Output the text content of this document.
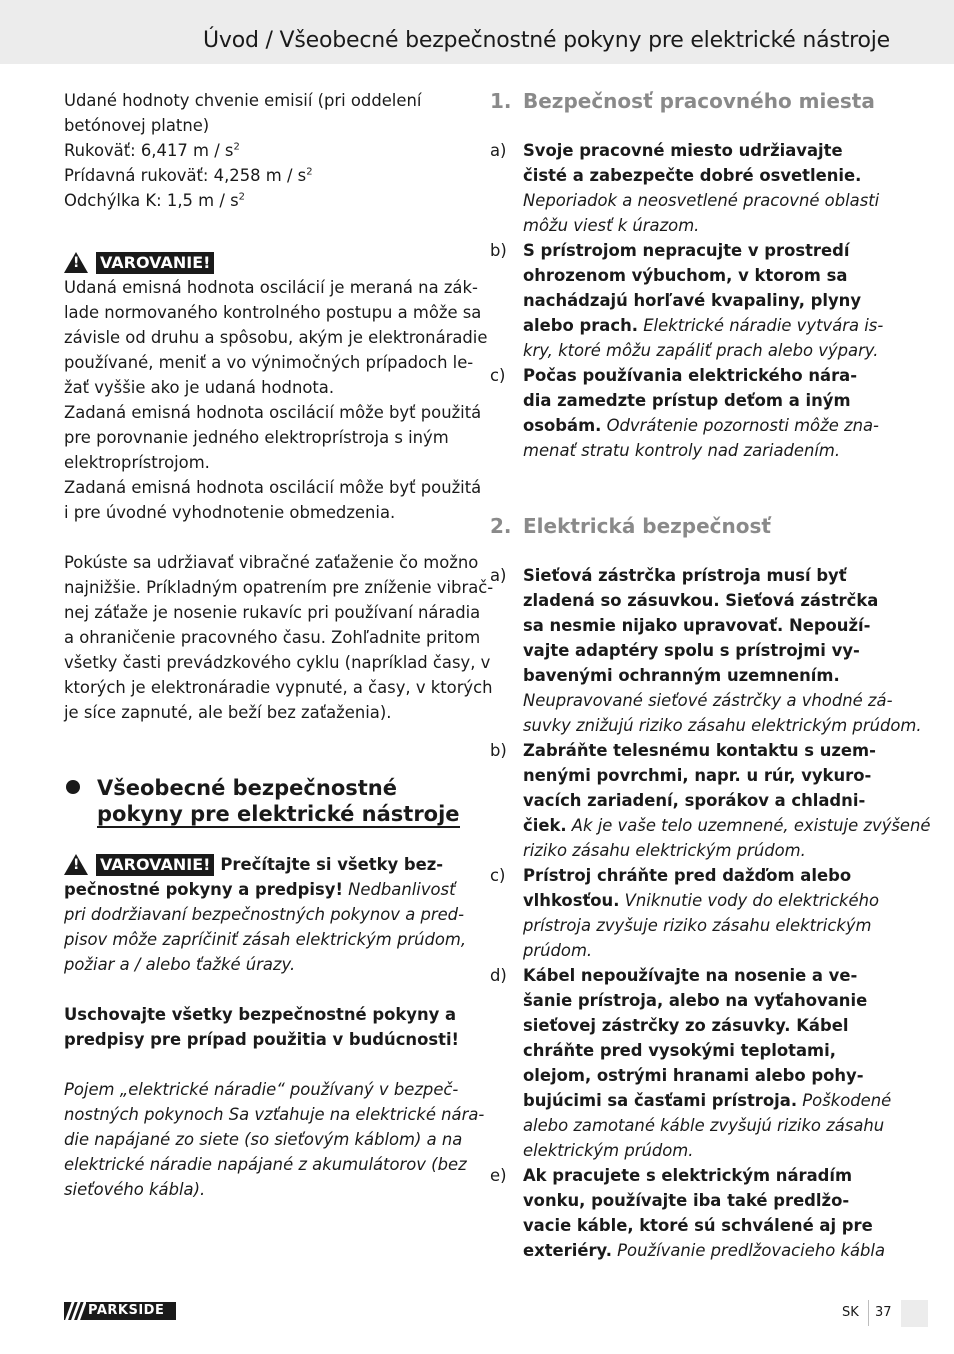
Úvod / Všeobecné bezpečnostné pokyny pre elektrické nástroje

Udané hodnoty chvenie emisií (pri oddelení

betónovej platne)

Rukoväť: 6,417 m / $s^2$

Prídavná rukoväť: 4,258 m / $s^2$

Odchýlka K: 1,5 m / $s^2$

! VAROVANIE!

Udaná emisná hodnota oscilácií je meraná na zák-

lade normovaného kontrolného postupu a môže sa

závisle od druhu a spôsobu, akým je elektronáradie

používané, meniť a vo výnimočných prípadoch le-

žať vyššie ako je udaná hodnota.

Zadaná emisná hodnota oscilácií môže byť použitá

pre porovnanie jedného elektroprístroja s iným

elektroprístrojom.

Zadaná emisná hodnota oscilácií môže byť použitá

i pre úvodné vyhodnotenie obmedzenia.

Pokúste sa udržiavať vibračné zaťaženie čo možno

najnižšie. Príkladným opatrením pre zníženie vibrač-

nej záťaže je nosenie rukavíc pri používaní náradia

a ohraničenie pracovného času. Zohľadnite pritom

všetky časti prevádzkového cyklu (napríklad časy, v

ktorých je elektronáradie vypnuté, a časy, v ktorých

je síce zapnuté, ale beží bez zaťaženia).

Všeobecné bezpečnostné
pokyny pre elektrické nástroje
! VAROVANIE! Prečítajte si všetky bez-

pečnostné pokyny a predpisy! Nedbanlivosť

pri dodržiavaní bezpečnostných pokynov a pred-

pisov môže zapríčiniť zásah elektrickým prúdom,

požiar a / alebo ťažké úrazy.

Uschovajte všetky bezpečnostné pokyny a

predpisy pre prípad použitia v budúcnosti!

Pojem „elektrické náradie“ používaný v bezpeč-

nostných pokynoch Sa vzťahuje na elektrické nára-

die napájané zo siete (so sieťovým káblom) a na

elektrické náradie napájané z akumulátorov (bez

sieťového kábla).

1. Bezpečnosť pracovného miesta
a) Svoje pracovné miesto udržiavajte

čisté a zabezpečte dobré osvetlenie.

Neporiadok a neosvetlené pracovné oblasti

môžu viesť k úrazom.

b) S prístrojom nepracujte v prostredí

ohrozenom výbuchom, v ktorom sa

nachádzajú horľavé kvapaliny, plyny

alebo prach. Elektrické náradie vytvára is-

kry, ktoré môžu zapáliť prach alebo výpary.

c) Počas používania elektrického nára-

dia zamedzte prístup deťom a iným

osobám. Odvrátenie pozornosti môže zna-

menať stratu kontroly nad zariadením.

2. Elektrická bezpečnosť
a) Sieťová zástrčka prístroja musí byť

zladená so zásuvkou. Sieťová zástrčka

sa nesmie nijako upravovať. Nepouží-

vajte adaptéry spolu s prístrojmi vy-

bavenými ochranným uzemnením.

Neupravované sieťové zástrčky a vhodné zá-

suvky znižujú riziko zásahu elektrickým prúdom.

b) Zabráňte telesnému kontaktu s uzem-

nenými povrchmi, napr. u rúr, vykuro-

vacích zariadení, sporákov a chladni-

čiek. Ak je vaše telo uzemnené, existuje zvýšené

riziko zásahu elektrickým prúdom.

c) Prístroj chráňte pred dažďom alebo

vlhkosťou. Vniknutie vody do elektrického

prístroja zvyšuje riziko zásahu elektrickým

prúdom.

d) Kábel nepoužívajte na nosenie a ve-

šanie prístroja, alebo na vyťahovanie

sieťovej zástrčky zo zásuvky. Kábel

chráňte pred vysokými teplotami,

olejom, ostrými hranami alebo pohy-

bujúcimi sa časťami prístroja. Poškodené

alebo zamotané káble zvyšujú riziko zásahu

elektrickým prúdom.

e) Ak pracujete s elektrickým náradím

vonku, používajte iba také predlžo-

vacie káble, ktoré sú schválené aj pre

exteriéry. Používanie predlžovacieho kábla

PARKSIDE	SK 37
